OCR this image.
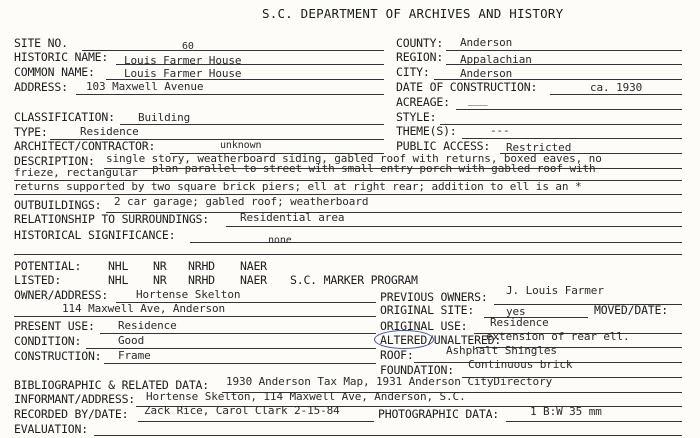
S.C. DEPARTMENT OF ARCHIVES AND HISTORY
SITE NO.	60
HISTORIC NAME: Louis Farmer House
COMMON NAME:	Louis Farmer House
ADDRESS: 103 Maxwell Avenue
CLASSIFICATION: Building
TYPE:	Residence
ARCHITECT/CONTRACTOR:	unknown
COUNTY: Anderson
REGION: Appalachian
CITY:	Anderson
DATE OF CONSTRUCTION:	ca. 1930
ACREAGE: ___
STYLE:
THEME(S):	---
PUBLIC ACCESS: Restricted
DESCRIPTION: single story, weatherboard siding, gabled roof with returns, boxed eaves, no
frieze, rectangular plan parallel to street with small entry porch with gabled roof with
returns supported by two square brick piers; ell at right rear; addition to ell is an *
OUTBUILDINGS: 2 car garage; gabled roof; weatherboard
RELATIONSHIP TO SURROUNDINGS:	Residential area
HISTORICAL SIGNIFICANCE:	none
POTENTIAL: NHL NR NRHD NAER
LISTED:	NHL NR NRHD NAER S.C. MARKER PROGRAM
OWNER/ADDRESS:	Hortense Skelton
114 Maxwell Ave, Anderson
PRESENT USE: Residence
CONDITION:	Good
CONSTRUCTION: Frame
PREVIOUS OWNERS: J. Louis Farmer
ORIGINAL SITE:	yes	MOVED/DATE:
ORIGINAL USE: Residence
ALTERED/UNALTERED:
extension of rear ell.
ROOF:	Ashphalt Shingles
FOUNDATION: Continuous brick
BIBLIOGRAPHIC & RELATED DATA: 1930 Anderson Tax Map, 1931 Anderson CityDirectory
INFORMANT/ADDRESS: Hortense Skelton, 114 Maxwell Ave, Anderson, S.C.
RECORDED BY/DATE: Zack Rice, Carol Clark 2-15-84	PHOTOGRAPHIC DATA:	1 B:W 35 mm
EVALUATION:
